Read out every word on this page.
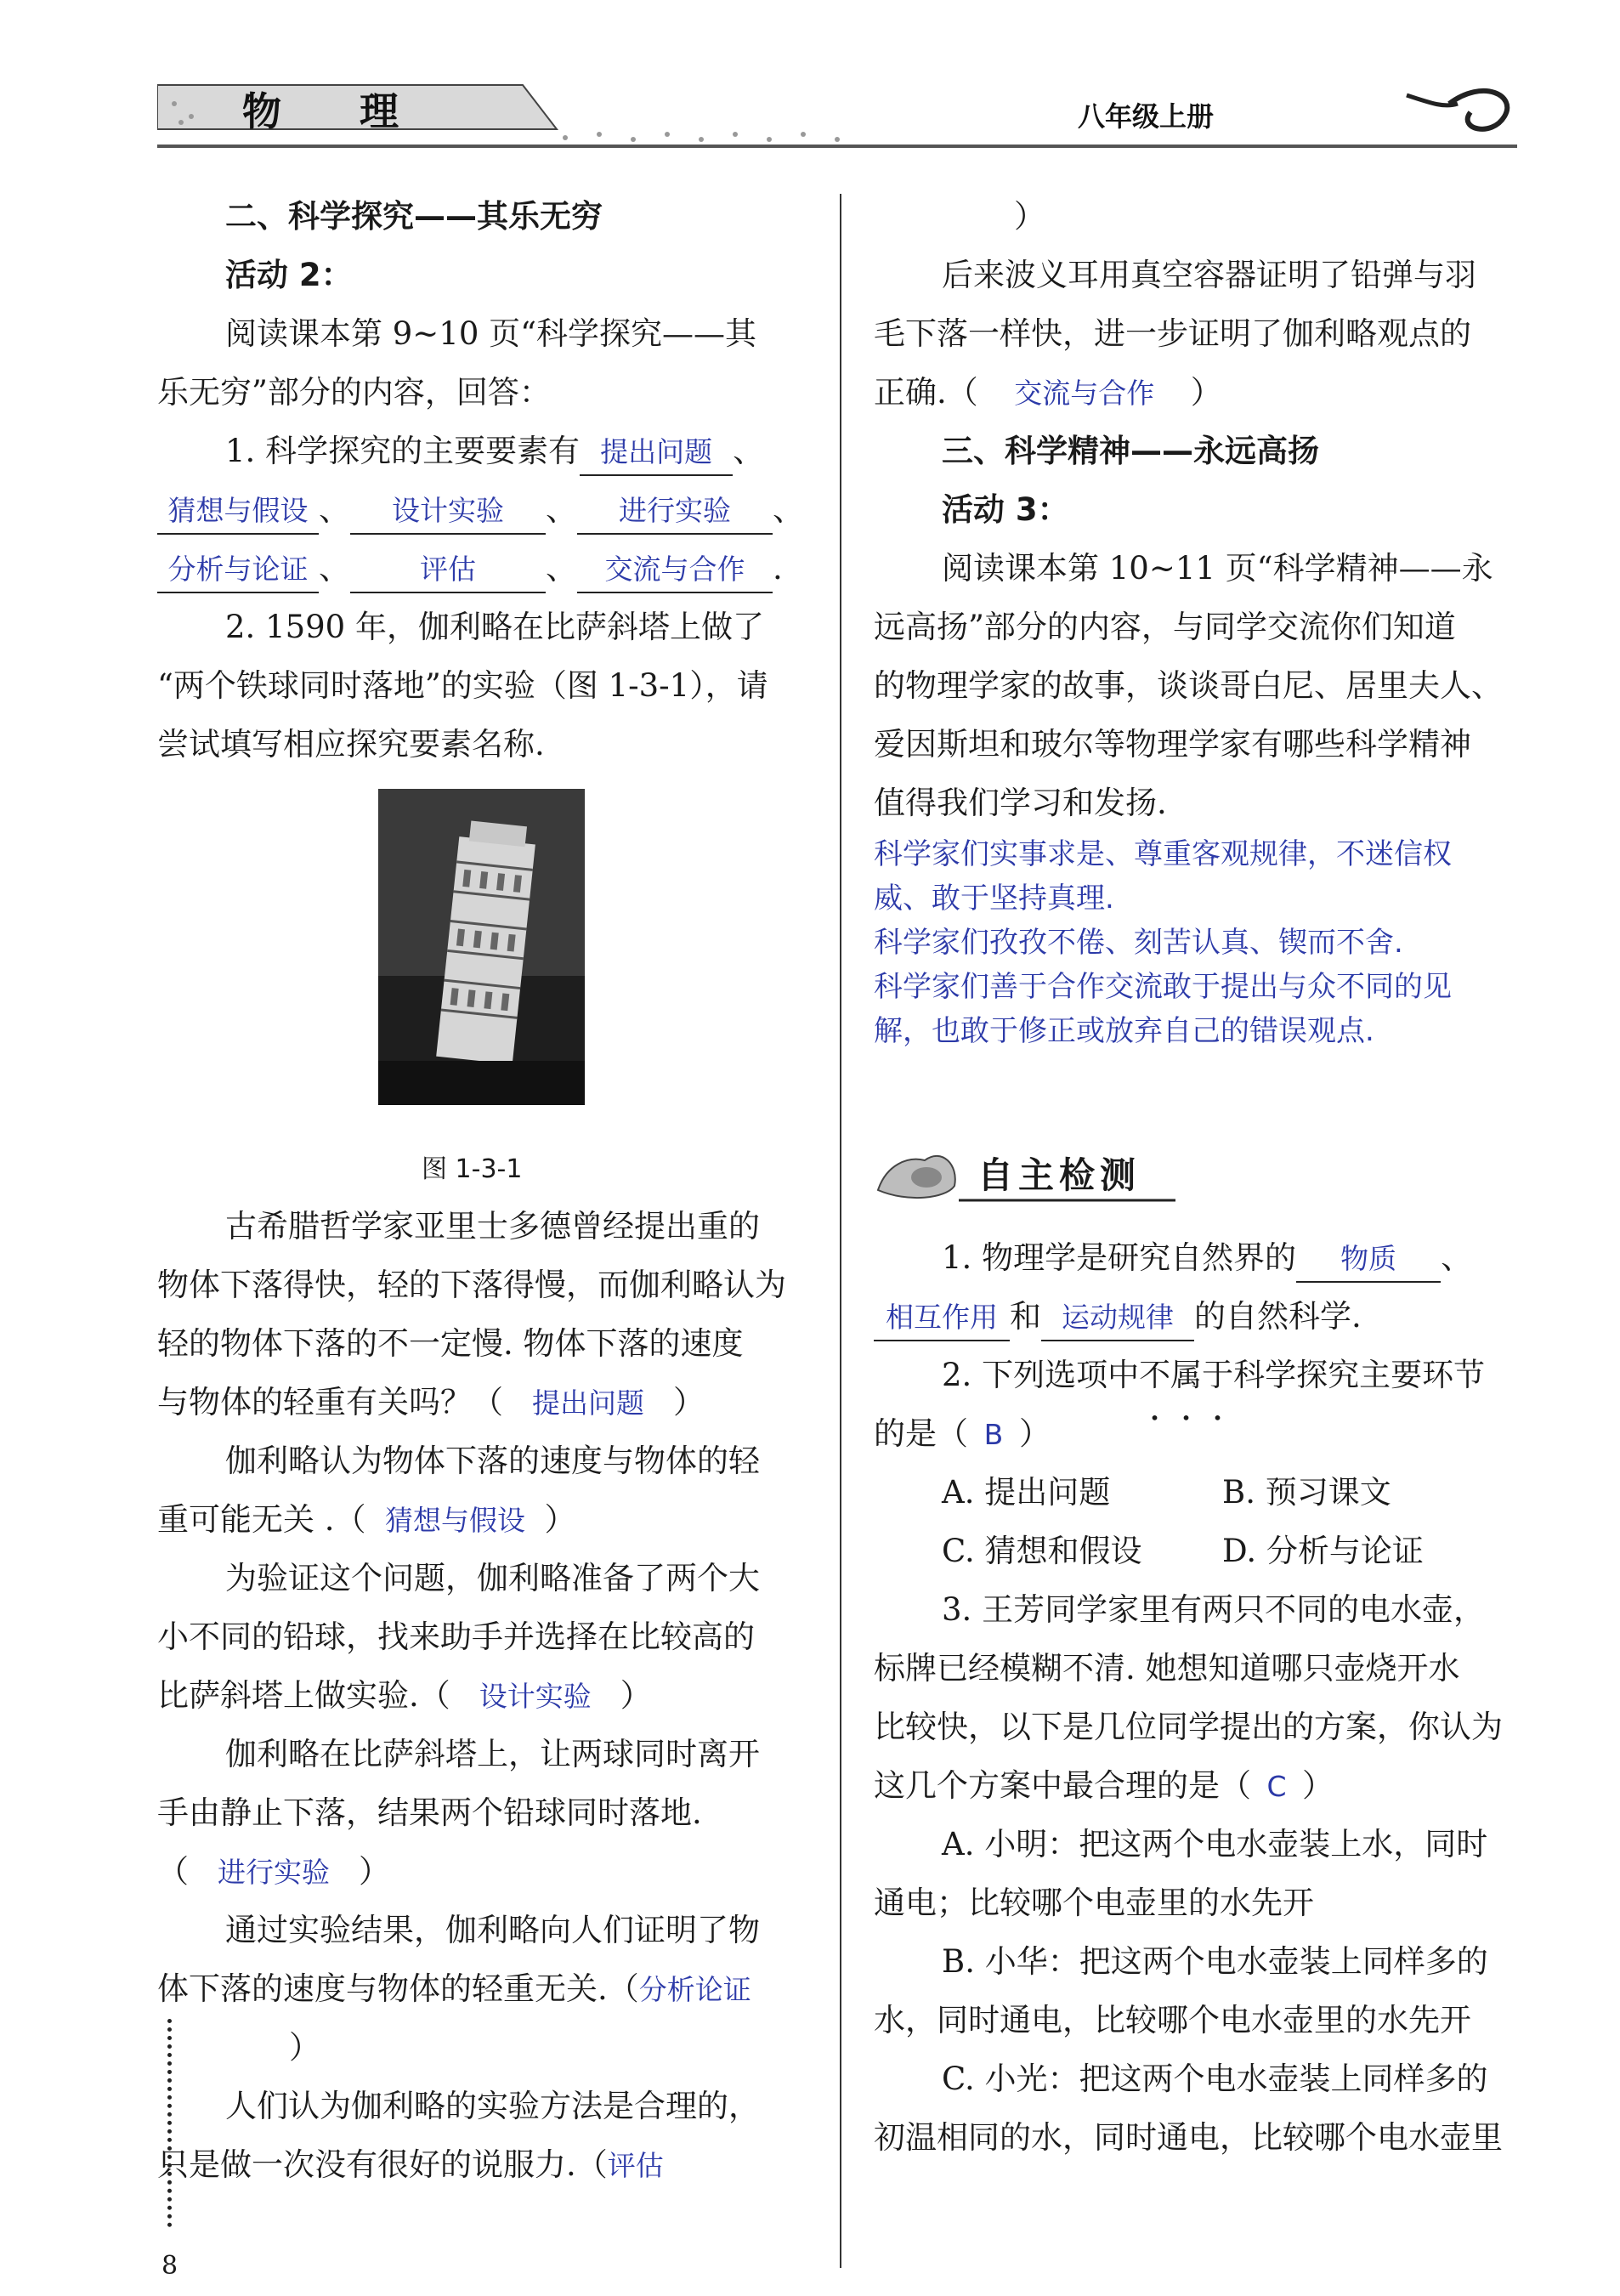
物 理	八年级上册
二、科学探究——其乐无穷
活动 2：
阅读课本第 9~10 页“科学探究——其
乐无穷”部分的内容，回答：
1. 科学探究的主要要素有 提出问题 、
猜想与假设 、 设计实验 、 进行实验 、
分析与论证 、 评估 、 交流与合作 .
2. 1590 年，伽利略在比萨斜塔上做了
“两个铁球同时落地”的实验（图 1-3-1），请
尝试填写相应探究要素名称.
图 1-3-1
古希腊哲学家亚里士多德曾经提出重的
物体下落得快，轻的下落得慢，而伽利略认为
轻的物体下落的不一定慢. 物体下落的速度
与物体的轻重有关吗？（ 提出问题 ）
伽利略认为物体下落的速度与物体的轻
重可能无关 .（ 猜想与假设 ）
为验证这个问题，伽利略准备了两个大
小不同的铅球，找来助手并选择在比较高的
比萨斜塔上做实验.（ 设计实验 ）
伽利略在比萨斜塔上，让两球同时离开
手由静止下落，结果两个铅球同时落地.
（ 进行实验 ）
通过实验结果，伽利略向人们证明了物
体下落的速度与物体的轻重无关.（分析论证
）
人们认为伽利略的实验方法是合理的，
只是做一次没有很好的说服力.（评估
8
）
后来波义耳用真空容器证明了铅弹与羽
毛下落一样快，进一步证明了伽利略观点的
正确.（ 交流与合作 ）
三、科学精神——永远高扬
活动 3：
阅读课本第 10~11 页“科学精神——永
远高扬”部分的内容，与同学交流你们知道
的物理学家的故事，谈谈哥白尼、居里夫人、
爱因斯坦和玻尔等物理学家有哪些科学精神
值得我们学习和发扬.
科学家们实事求是、尊重客观规律，不迷信权
威、敢于坚持真理.
科学家们孜孜不倦、刻苦认真、锲而不舍.
科学家们善于合作交流敢于提出与众不同的见
解，也敢于修正或放弃自己的错误观点.
自主检测
1. 物理学是研究自然界的 物质 、
相互作用 和 运动规律 的自然科学.
2. 下列选项中不属于科学探究主要环节
的是（ B ）
A. 提出问题	B. 预习课文
C. 猜想和假设	D. 分析与论证
3. 王芳同学家里有两只不同的电水壶，
标牌已经模糊不清. 她想知道哪只壶烧开水
比较快，以下是几位同学提出的方案，你认为
这几个方案中最合理的是（ C ）
A. 小明：把这两个电水壶装上水，同时
通电；比较哪个电壶里的水先开
B. 小华：把这两个电水壶装上同样多的
水，同时通电，比较哪个电水壶里的水先开
C. 小光：把这两个电水壶装上同样多的
初温相同的水，同时通电，比较哪个电水壶里
